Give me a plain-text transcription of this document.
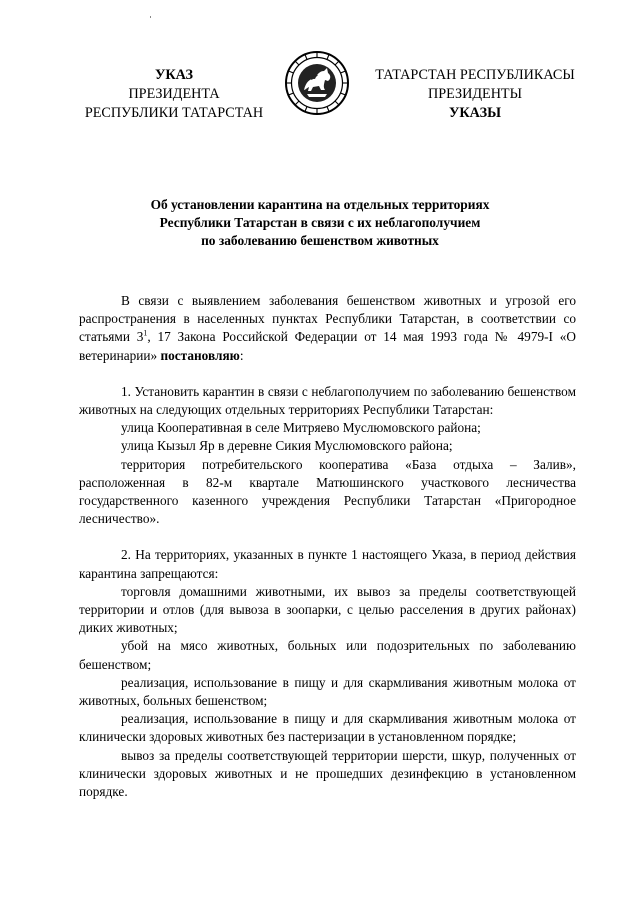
УКАЗ
ПРЕЗИДЕНТА
РЕСПУБЛИКИ ТАТАРСТАН
ТАТАРСТАН РЕСПУБЛИКАСЫ
ПРЕЗИДЕНТЫ
УКАЗЫ
Об установлении карантина на отдельных территориях
Республики Татарстан в связи с их неблагополучием
по заболеванию бешенством животных

В связи с выявлением заболевания бешенством животных и угрозой его распространения в населенных пунктах Республики Татарстан, в соответствии со статьями $3^1$, 17 Закона Российской Федерации от 14 мая 1993 года № 4979-I «О ветеринарии» постановляю:

1. Установить карантин в связи с неблагополучием по заболеванию бешенством животных на следующих отдельных территориях Республики Татарстан:

улица Кооперативная в селе Митряево Муслюмовского района;

улица Кызыл Яр в деревне Сикия Муслюмовского района;

территория потребительского кооператива «База отдыха – Залив», расположенная в 82-м квартале Матюшинского участкового лесничества государственного казенного учреждения Республики Татарстан «Пригородное лесничество».

2. На территориях, указанных в пункте 1 настоящего Указа, в период действия карантина запрещаются:

торговля домашними животными, их вывоз за пределы соответствующей территории и отлов (для вывоза в зоопарки, с целью расселения в других районах) диких животных;

убой на мясо животных, больных или подозрительных по заболеванию бешенством;

реализация, использование в пищу и для скармливания животным молока от животных, больных бешенством;

реализация, использование в пищу и для скармливания животным молока от клинически здоровых животных без пастеризации в установленном порядке;

вывоз за пределы соответствующей территории шерсти, шкур, полученных от клинически здоровых животных и не прошедших дезинфекцию в установленном порядке.
